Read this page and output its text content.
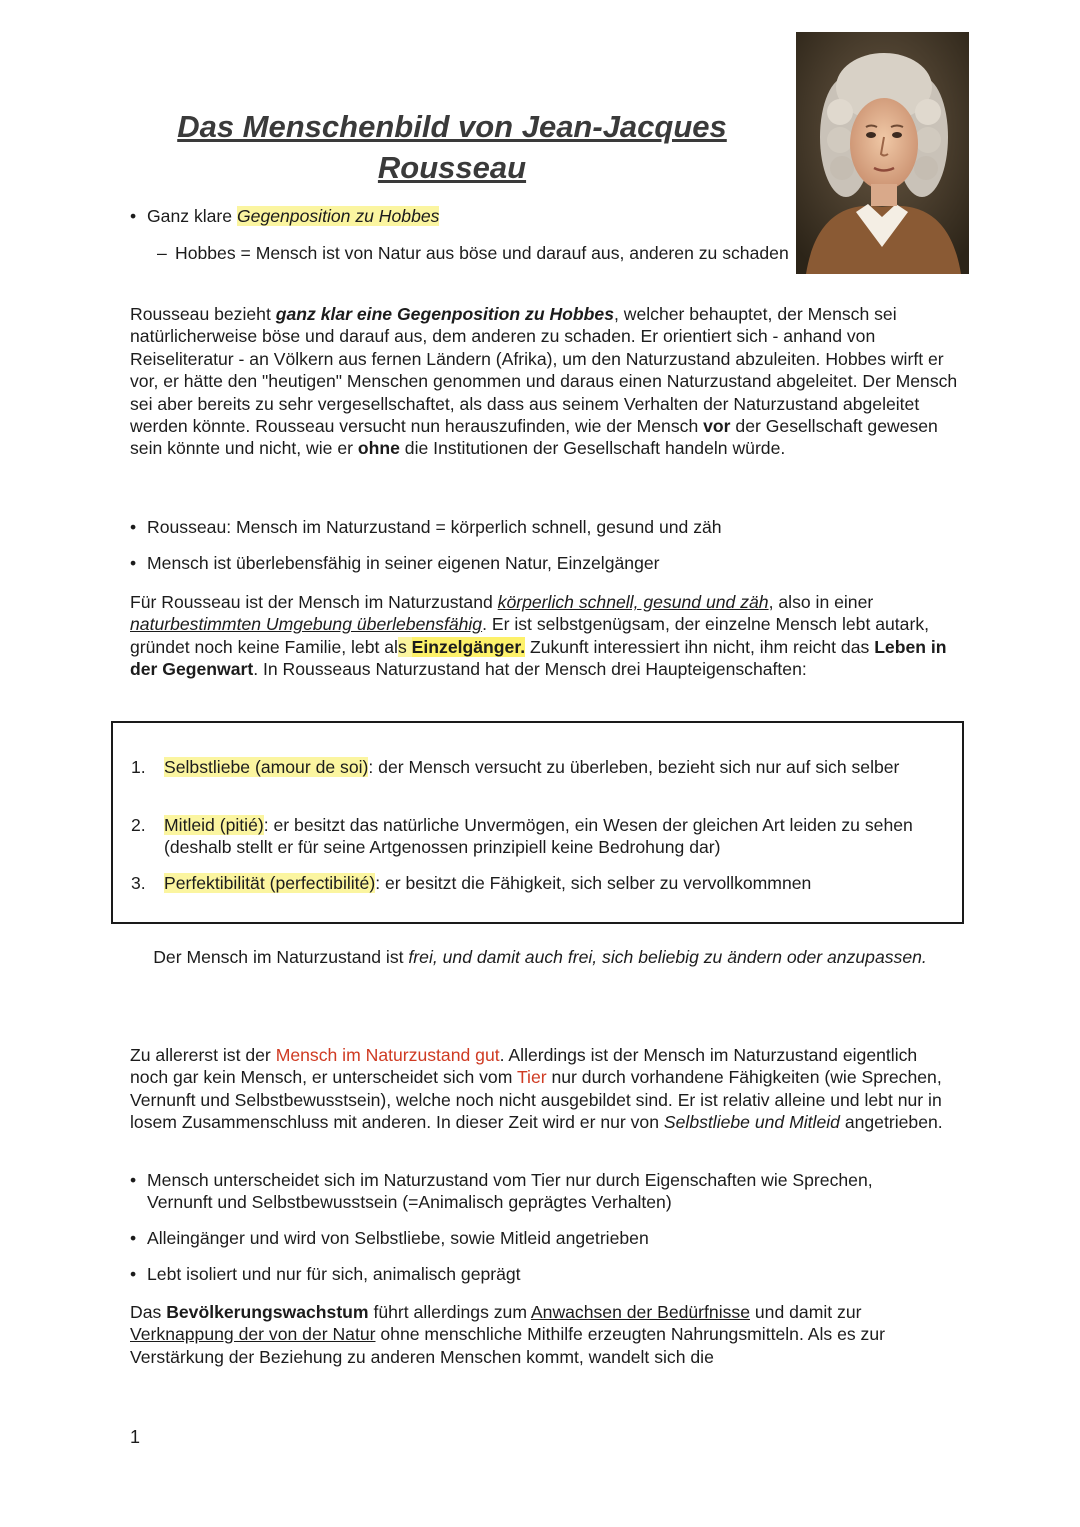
Das Menschenbild von Jean-Jacques
Rousseau
• Ganz klare Gegenposition zu Hobbes
– Hobbes = Mensch ist von Natur aus böse und darauf aus, anderen zu schaden

Rousseau bezieht ganz klar eine Gegenposition zu Hobbes, welcher behauptet, der Mensch sei natürlicherweise böse und darauf aus, dem anderen zu schaden. Er orientiert sich - anhand von Reiseliteratur - an Völkern aus fernen Ländern (Afrika), um den Naturzustand abzuleiten. Hobbes wirft er vor, er hätte den "heutigen" Menschen genommen und daraus einen Naturzustand abgeleitet. Der Mensch sei aber bereits zu sehr vergesellschaftet, als dass aus seinem Verhalten der Naturzustand abgeleitet werden könnte. Rousseau versucht nun herauszufinden, wie der Mensch vor der Gesellschaft gewesen sein könnte und nicht, wie er ohne die Institutionen der Gesellschaft handeln würde.

• Rousseau: Mensch im Naturzustand = körperlich schnell, gesund und zäh
• Mensch ist überlebensfähig in seiner eigenen Natur, Einzelgänger

Für Rousseau ist der Mensch im Naturzustand körperlich schnell, gesund und zäh, also in einer naturbestimmten Umgebung überlebensfähig. Er ist selbstgenügsam, der einzelne Mensch lebt autark, gründet noch keine Familie, lebt als Einzelgänger. Zukunft interessiert ihn nicht, ihm reicht das Leben in der Gegenwart. In Rousseaus Naturzustand hat der Mensch drei Haupteigenschaften:

1. Selbstliebe (amour de soi): der Mensch versucht zu überleben, bezieht sich nur auf sich selber
2. Mitleid (pitié): er besitzt das natürliche Unvermögen, ein Wesen der gleichen Art leiden zu sehen (deshalb stellt er für seine Artgenossen prinzipiell keine Bedrohung dar)
3. Perfektibilität (perfectibilité): er besitzt die Fähigkeit, sich selber zu vervollkommnen

Der Mensch im Naturzustand ist frei, und damit auch frei, sich beliebig zu ändern oder anzupassen.

Zu allererst ist der Mensch im Naturzustand gut. Allerdings ist der Mensch im Naturzustand eigentlich noch gar kein Mensch, er unterscheidet sich vom Tier nur durch vorhandene Fähigkeiten (wie Sprechen, Vernunft und Selbstbewusstsein), welche noch nicht ausgebildet sind. Er ist relativ alleine und lebt nur in losem Zusammenschluss mit anderen. In dieser Zeit wird er nur von Selbstliebe und Mitleid angetrieben.

• Mensch unterscheidet sich im Naturzustand vom Tier nur durch Eigenschaften wie Sprechen, Vernunft und Selbstbewusstsein (=Animalisch geprägtes Verhalten)
• Alleingänger und wird von Selbstliebe, sowie Mitleid angetrieben
• Lebt isoliert und nur für sich, animalisch geprägt

Das Bevölkerungswachstum führt allerdings zum Anwachsen der Bedürfnisse und damit zur Verknappung der von der Natur ohne menschliche Mithilfe erzeugten Nahrungsmitteln. Als es zur Verstärkung der Beziehung zu anderen Menschen kommt, wandelt sich die

1
